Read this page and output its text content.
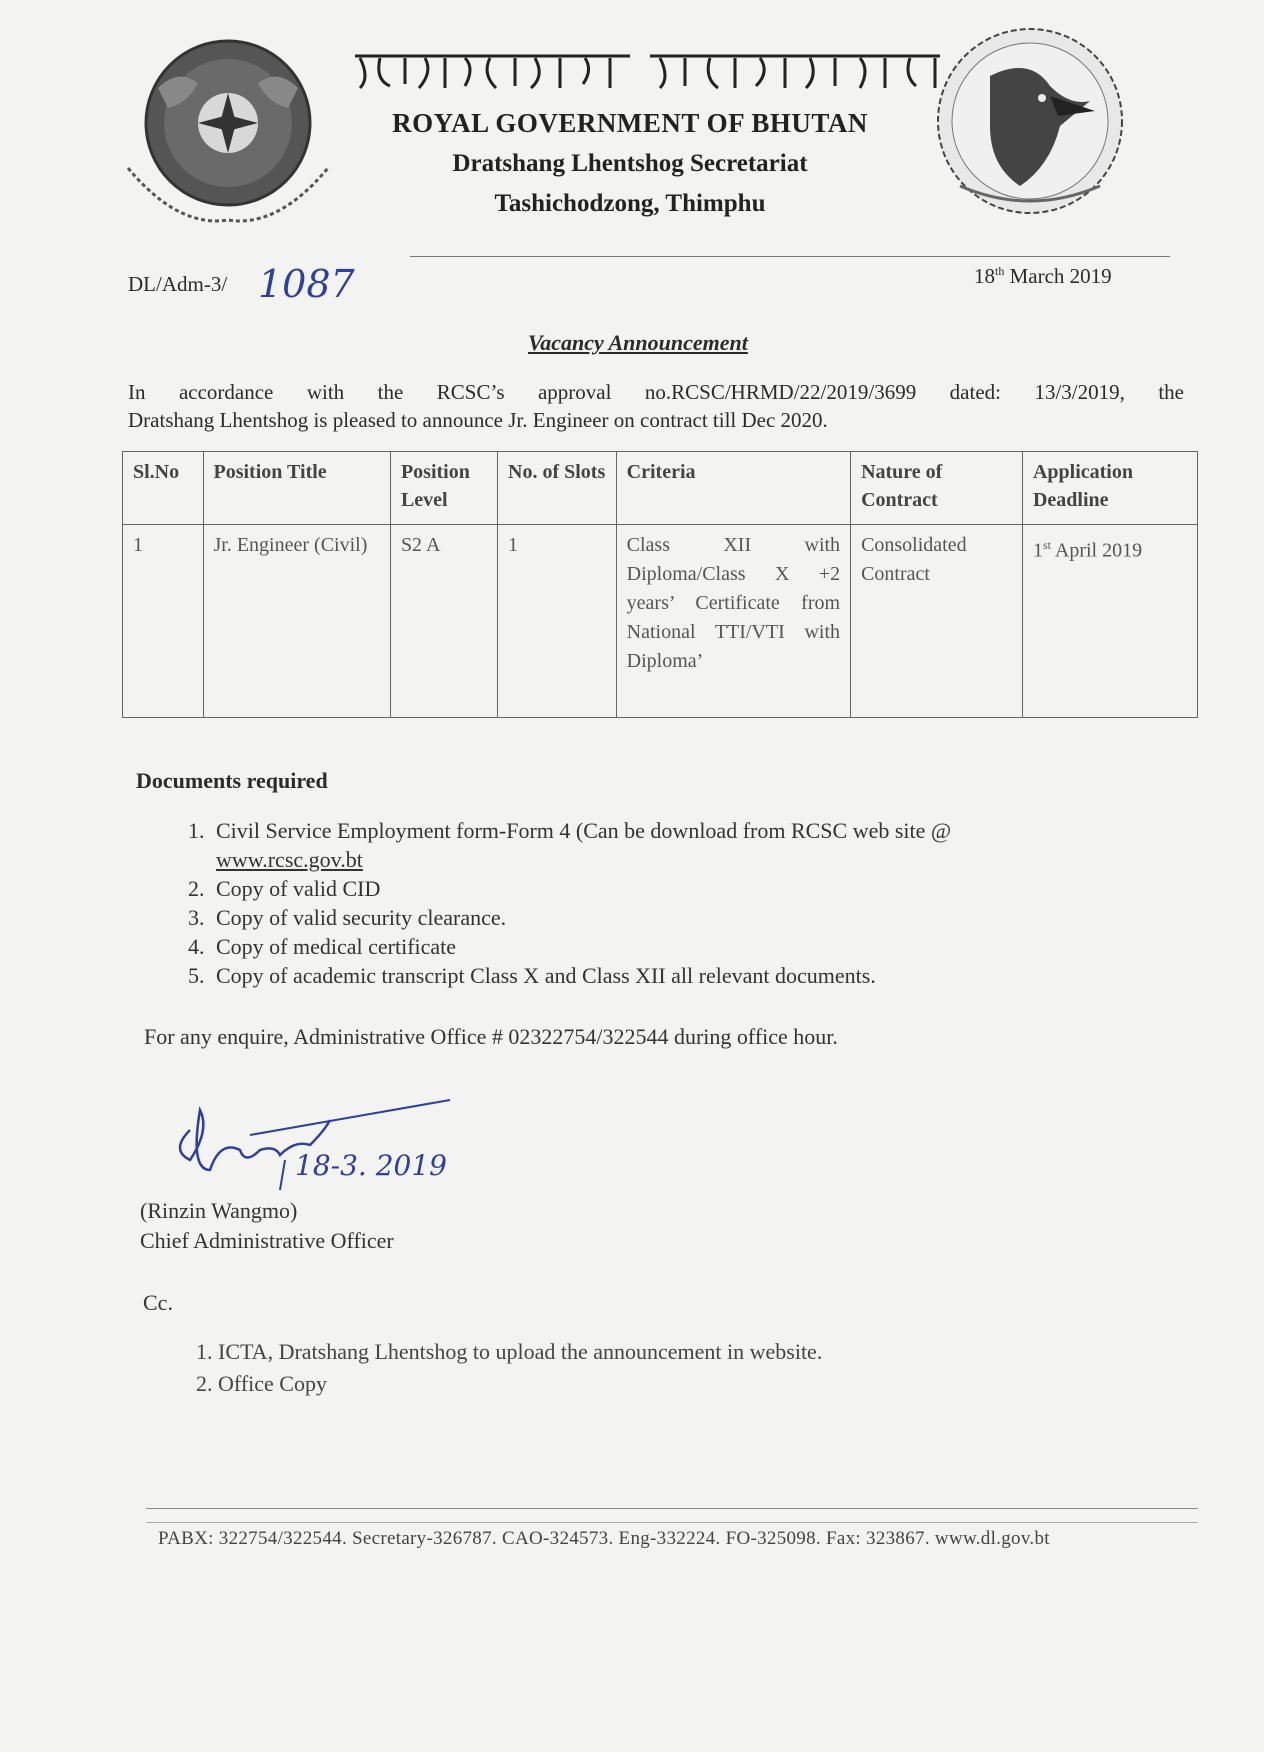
ROYAL GOVERNMENT OF BHUTAN
Dratshang Lhentshog Secretariat
Tashichodzong, Thimphu
DL/Adm-3/ 1087	18th March 2019
Vacancy Announcement
In accordance with the RCSC’s approval no.RCSC/HRMD/22/2019/3699 dated: 13/3/2019, the
Dratshang Lhentshog is pleased to announce Jr. Engineer on contract till Dec 2020.
Sl.No	Position Title	Position Level	No. of Slots	Criteria	Nature of Contract	Application Deadline
1	Jr. Engineer (Civil)	S2 A	1	Class XII with Diploma/Class X +2 years’ Certificate from National TTI/VTI with Diploma’	Consolidated Contract	1st April 2019
Documents required
1. Civil Service Employment form-Form 4 (Can be download from RCSC web site @
www.rcsc.gov.bt
2. Copy of valid CID
3. Copy of valid security clearance.
4. Copy of medical certificate
5. Copy of academic transcript Class X and Class XII all relevant documents.
For any enquire, Administrative Office # 02322754/322544 during office hour.
18-3. 2019
(Rinzin Wangmo)
Chief Administrative Officer
Cc.
1. ICTA, Dratshang Lhentshog to upload the announcement in website.
2. Office Copy
PABX: 322754/322544. Secretary-326787. CAO-324573. Eng-332224. FO-325098. Fax: 323867. www.dl.gov.bt
